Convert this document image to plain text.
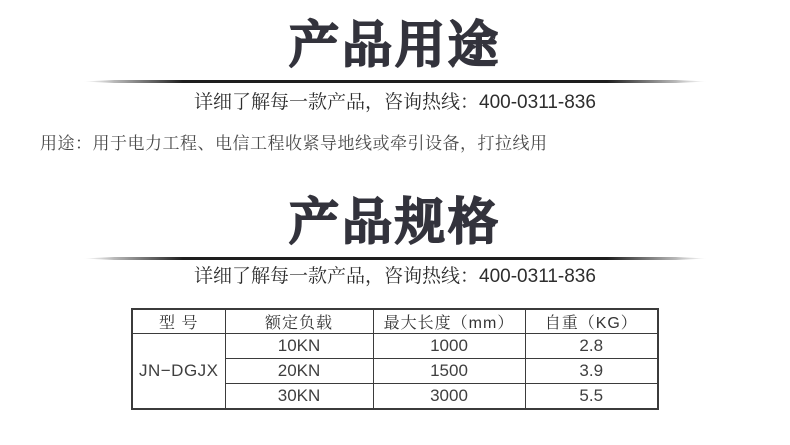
产品用途

详细了解每一款产品，咨询热线：400-0311-836

用途：用于电力工程、电信工程收紧导地线或牵引设备，打拉线用

产品规格

详细了解每一款产品，咨询热线：400-0311-836

型 号	额定负载	最大长度（mm）	自重（KG）
JN−DGJX	10KN	1000	2.8
	20KN	1500	3.9
	30KN	3000	5.5
